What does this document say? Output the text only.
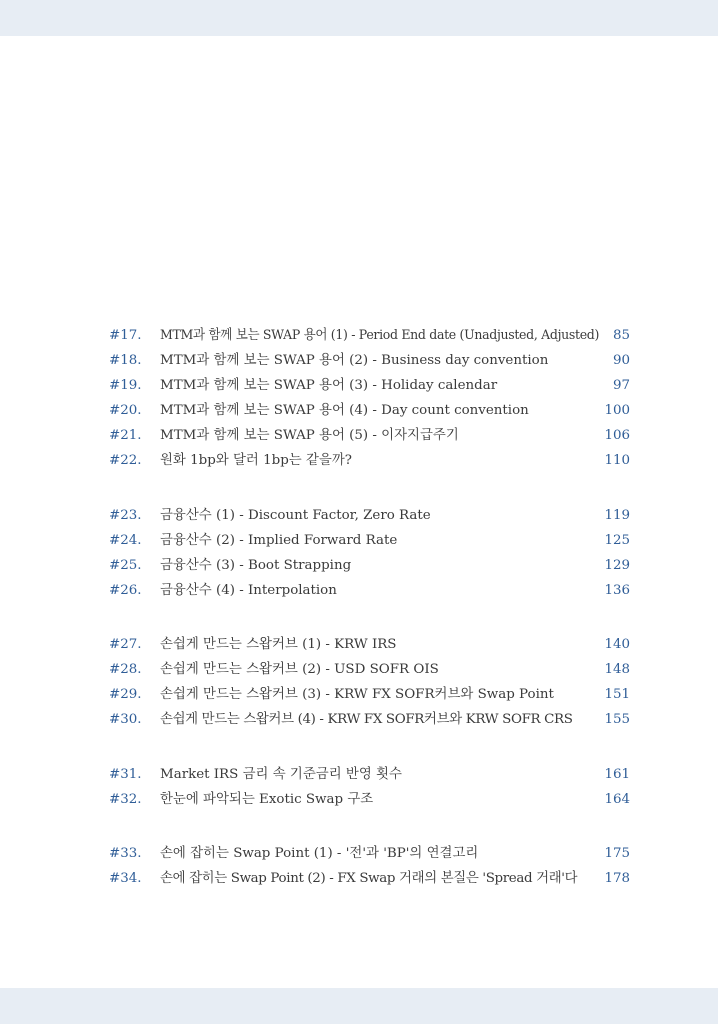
#17. MTM과 함께 보는 SWAP 용어 (1) - Period End date (Unadjusted, Adjusted) 85
#18. MTM과 함께 보는 SWAP 용어 (2) - Business day convention	90
#19. MTM과 함께 보는 SWAP 용어 (3) - Holiday calendar	97
#20. MTM과 함께 보는 SWAP 용어 (4) - Day count convention	100
#21. MTM과 함께 보는 SWAP 용어 (5) - 이자지급주기	106
#22. 원화 1bp와 달러 1bp는 같을까?	110
#23. 금융산수 (1) - Discount Factor, Zero Rate	119
#24. 금융산수 (2) - Implied Forward Rate	125
#25. 금융산수 (3) - Boot Strapping	129
#26. 금융산수 (4) - Interpolation	136
#27. 손쉽게 만드는 스왑커브 (1) - KRW IRS	140
#28. 손쉽게 만드는 스왑커브 (2) - USD SOFR OIS	148
#29. 손쉽게 만드는 스왑커브 (3) - KRW FX SOFR커브와 Swap Point	151
#30. 손쉽게 만드는 스왑커브 (4) - KRW FX SOFR커브와 KRW SOFR CRS 155
#31. Market IRS 금리 속 기준금리 반영 횟수	161
#32. 한눈에 파악되는 Exotic Swap 구조	164
#33. 손에 잡히는 Swap Point (1) - '전'과 'BP'의 연결고리	175
#34. 손에 잡히는 Swap Point (2) - FX Swap 거래의 본질은 'Spread 거래'다 178
